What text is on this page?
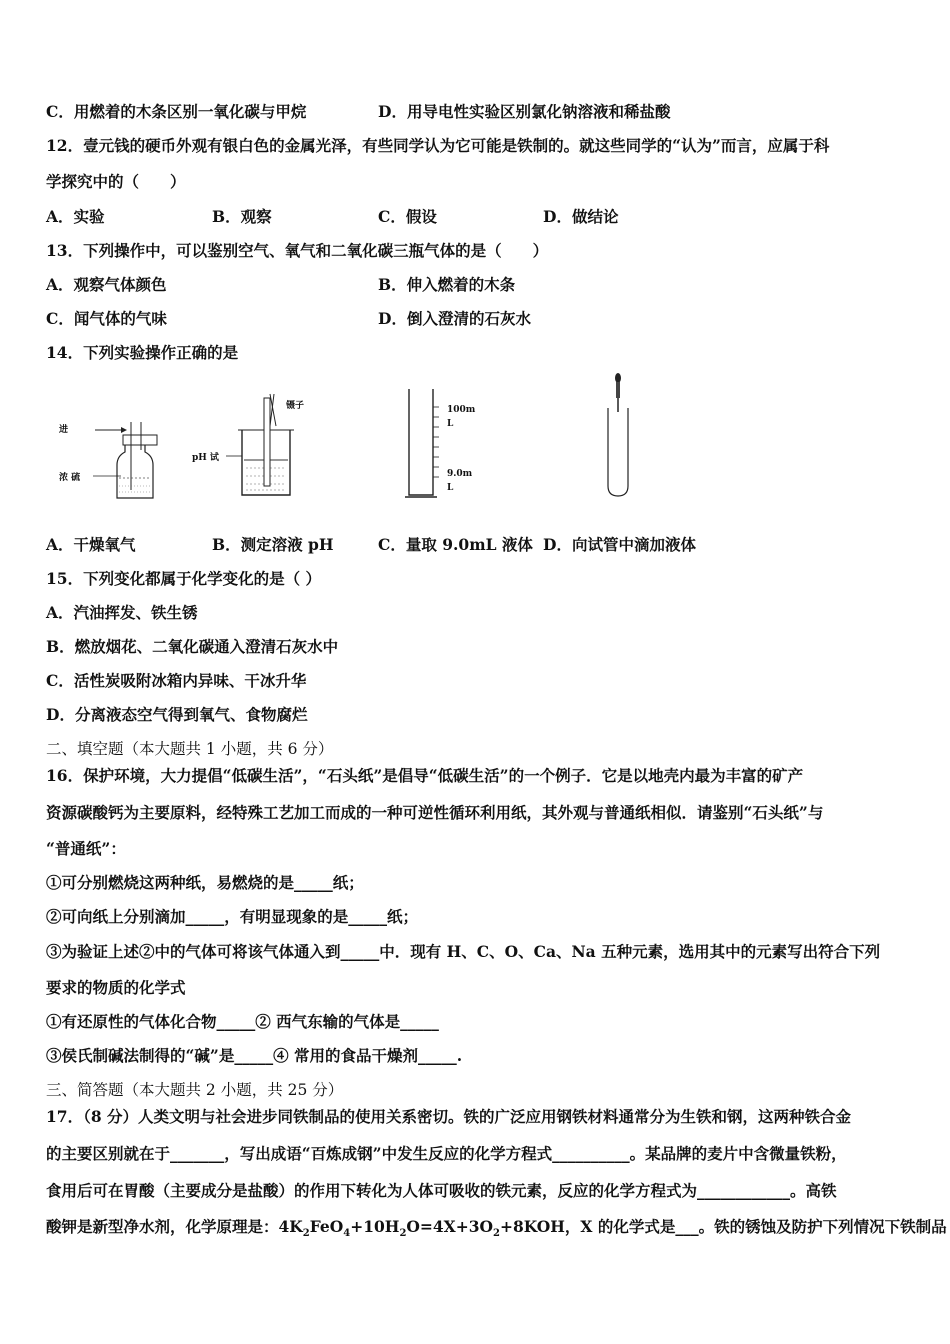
C．用燃着的木条区别一氧化碳与甲烷	D．用导电性实验区别氯化钠溶液和稀盐酸
12．壹元钱的硬币外观有银白色的金属光泽，有些同学认为它可能是铁制的。就这些同学的“认为”而言，应属于科
学探究中的（　　）
A．实验	B．观察	C．假设	D．做结论
13．下列操作中，可以鉴别空气、氧气和二氧化碳三瓶气体的是（　　）
A．观察气体颜色	B．伸入燃着的木条
C．闻气体的气味	D．倒入澄清的石灰水
14．下列实验操作正确的是
进
浓 硫
镊子
pH 试
100m
L
9.0m
L
A．干燥氧气	B．测定溶液 pH	C．量取 9.0mL 液体 D．向试管中滴加液体
15．下列变化都属于化学变化的是（ ）
A．汽油挥发、铁生锈
B．燃放烟花、二氧化碳通入澄清石灰水中
C．活性炭吸附冰箱内异味、干冰升华
D．分离液态空气得到氧气、食物腐烂
二、填空题（本大题共 1 小题，共 6 分）
16．保护环境，大力提倡“低碳生活”，“石头纸”是倡导“低碳生活”的一个例子．它是以地壳内最为丰富的矿产
资源碳酸钙为主要原料，经特殊工艺加工而成的一种可逆性循环利用纸，其外观与普通纸相似．请鉴别“石头纸”与
“普通纸”：
①可分别燃烧这两种纸，易燃烧的是_____纸；
②可向纸上分别滴加_____，有明显现象的是_____纸；
③为验证上述②中的气体可将该气体通入到_____中．现有 H、C、O、Ca、Na 五种元素，选用其中的元素写出符合下列
要求的物质的化学式
①有还原性的气体化合物_____② 西气东输的气体是_____
③侯氏制碱法制得的“碱”是_____④ 常用的食品干燥剂_____.
三、简答题（本大题共 2 小题，共 25 分）
17．（8 分）人类文明与社会进步同铁制品的使用关系密切。铁的广泛应用钢铁材料通常分为生铁和钢，这两种铁合金
的主要区别就在于_______，写出成语“百炼成钢”中发生反应的化学方程式__________。某品牌的麦片中含微量铁粉，
食用后可在胃酸（主要成分是盐酸）的作用下转化为人体可吸收的铁元素，反应的化学方程式为____________。高铁
酸钾是新型净水剂，化学原理是：$4K_2FeO_4+10H_2O=4X+3O_2+8KOH$，X 的化学式是___。铁的锈蚀及防护下列情况下铁制品
